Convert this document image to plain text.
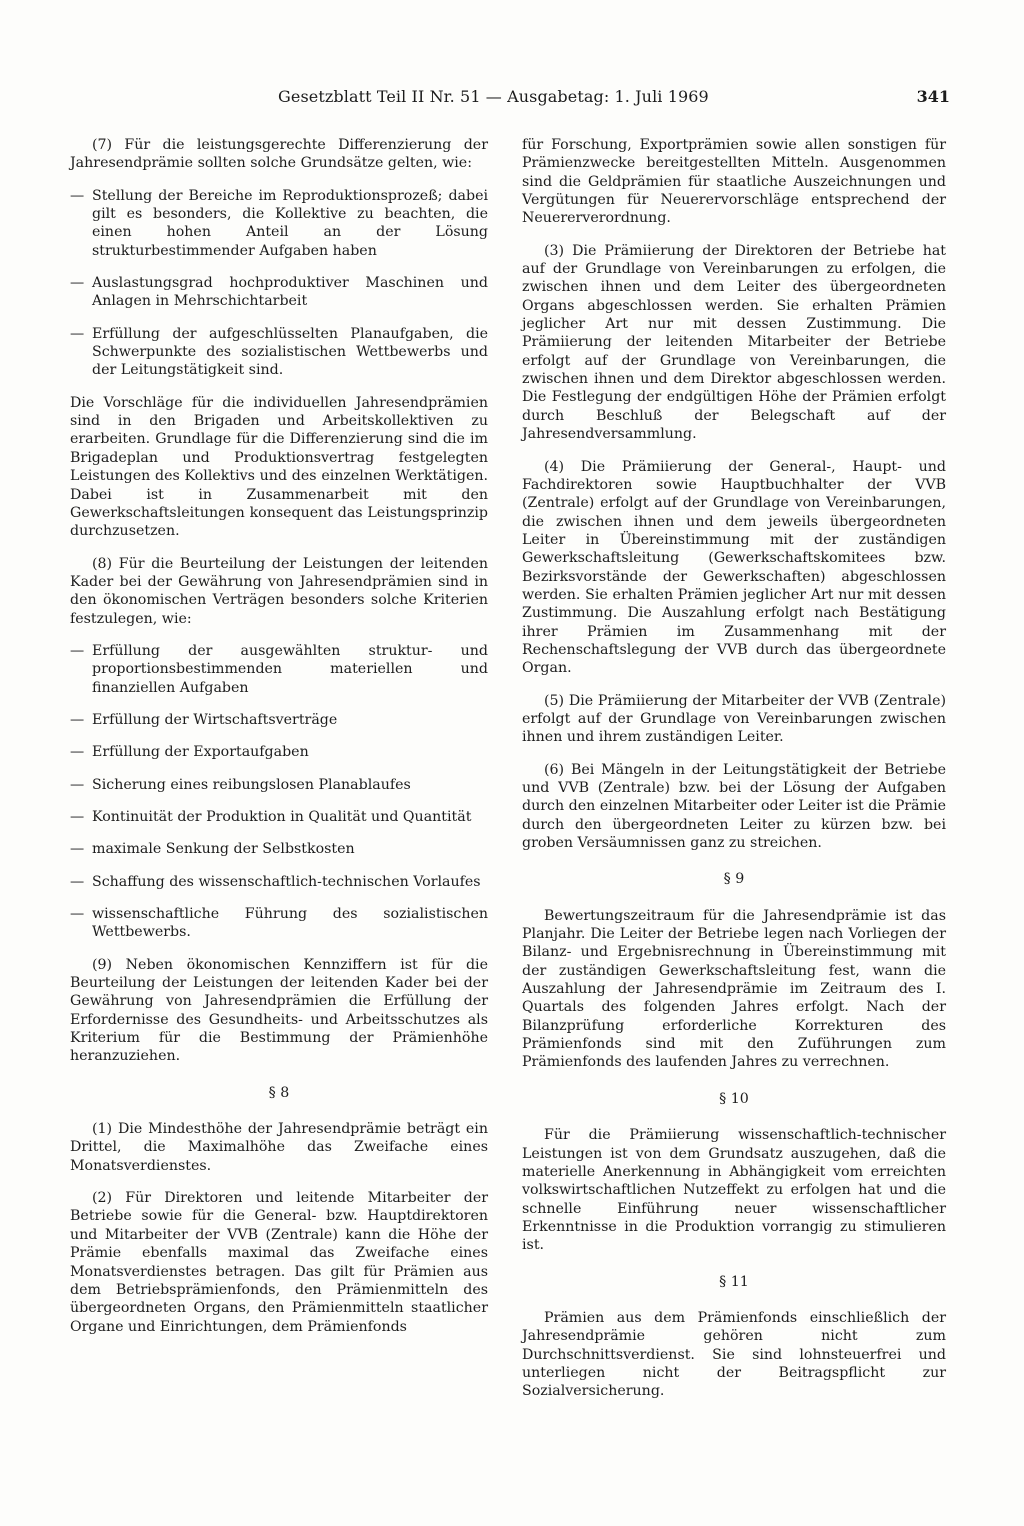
Gesetzblatt Teil II Nr. 51 — Ausgabetag: 1. Juli 1969	341

(7) Für die leistungsgerechte Differenzierung der Jahresendprämie sollten solche Grundsätze gelten, wie:

— Stellung der Bereiche im Reproduktionsprozeß; dabei gilt es besonders, die Kollektive zu beachten, die einen hohen Anteil an der Lösung strukturbestimmender Aufgaben haben
— Auslastungsgrad hochproduktiver Maschinen und Anlagen in Mehrschichtarbeit
— Erfüllung der aufgeschlüsselten Planaufgaben, die Schwerpunkte des sozialistischen Wettbewerbs und der Leitungstätigkeit sind.

Die Vorschläge für die individuellen Jahresendprämien sind in den Brigaden und Arbeitskollektiven zu erarbeiten. Grundlage für die Differenzierung sind die im Brigadeplan und Produktionsvertrag festgelegten Leistungen des Kollektivs und des einzelnen Werktätigen. Dabei ist in Zusammenarbeit mit den Gewerkschaftsleitungen konsequent das Leistungsprinzip durchzusetzen.

(8) Für die Beurteilung der Leistungen der leitenden Kader bei der Gewährung von Jahresendprämien sind in den ökonomischen Verträgen besonders solche Kriterien festzulegen, wie:

— Erfüllung der ausgewählten struktur- und proportionsbestimmenden materiellen und finanziellen Aufgaben
— Erfüllung der Wirtschaftsverträge
— Erfüllung der Exportaufgaben
— Sicherung eines reibungslosen Planablaufes
— Kontinuität der Produktion in Qualität und Quantität
— maximale Senkung der Selbstkosten
— Schaffung des wissenschaftlich-technischen Vorlaufes
— wissenschaftliche Führung des sozialistischen Wettbewerbs.

(9) Neben ökonomischen Kennziffern ist für die Beurteilung der Leistungen der leitenden Kader bei der Gewährung von Jahresendprämien die Erfüllung der Erfordernisse des Gesundheits- und Arbeitsschutzes als Kriterium für die Bestimmung der Prämienhöhe heranzuziehen.

§ 8

(1) Die Mindesthöhe der Jahresendprämie beträgt ein Drittel, die Maximalhöhe das Zweifache eines Monatsverdienstes.

(2) Für Direktoren und leitende Mitarbeiter der Betriebe sowie für die General- bzw. Hauptdirektoren und Mitarbeiter der VVB (Zentrale) kann die Höhe der Prämie ebenfalls maximal das Zweifache eines Monatsverdienstes betragen. Das gilt für Prämien aus dem Betriebsprämienfonds, den Prämienmitteln des übergeordneten Organs, den Prämienmitteln staatlicher Organe und Einrichtungen, dem Prämienfonds

für Forschung, Exportprämien sowie allen sonstigen für Prämienzwecke bereitgestellten Mitteln. Ausgenommen sind die Geldprämien für staatliche Auszeichnungen und Vergütungen für Neuerervorschläge entsprechend der Neuererverordnung.

(3) Die Prämiierung der Direktoren der Betriebe hat auf der Grundlage von Vereinbarungen zu erfolgen, die zwischen ihnen und dem Leiter des übergeordneten Organs abgeschlossen werden. Sie erhalten Prämien jeglicher Art nur mit dessen Zustimmung. Die Prämiierung der leitenden Mitarbeiter der Betriebe erfolgt auf der Grundlage von Vereinbarungen, die zwischen ihnen und dem Direktor abgeschlossen werden. Die Festlegung der endgültigen Höhe der Prämien erfolgt durch Beschluß der Belegschaft auf der Jahresendversammlung.

(4) Die Prämiierung der General-, Haupt- und Fachdirektoren sowie Hauptbuchhalter der VVB (Zentrale) erfolgt auf der Grundlage von Vereinbarungen, die zwischen ihnen und dem jeweils übergeordneten Leiter in Übereinstimmung mit der zuständigen Gewerkschaftsleitung (Gewerkschaftskomitees bzw. Bezirksvorstände der Gewerkschaften) abgeschlossen werden. Sie erhalten Prämien jeglicher Art nur mit dessen Zustimmung. Die Auszahlung erfolgt nach Bestätigung ihrer Prämien im Zusammenhang mit der Rechenschaftslegung der VVB durch das übergeordnete Organ.

(5) Die Prämiierung der Mitarbeiter der VVB (Zentrale) erfolgt auf der Grundlage von Vereinbarungen zwischen ihnen und ihrem zuständigen Leiter.

(6) Bei Mängeln in der Leitungstätigkeit der Betriebe und VVB (Zentrale) bzw. bei der Lösung der Aufgaben durch den einzelnen Mitarbeiter oder Leiter ist die Prämie durch den übergeordneten Leiter zu kürzen bzw. bei groben Versäumnissen ganz zu streichen.

§ 9

Bewertungszeitraum für die Jahresendprämie ist das Planjahr. Die Leiter der Betriebe legen nach Vorliegen der Bilanz- und Ergebnisrechnung in Übereinstimmung mit der zuständigen Gewerkschaftsleitung fest, wann die Auszahlung der Jahresendprämie im Zeitraum des I. Quartals des folgenden Jahres erfolgt. Nach der Bilanzprüfung erforderliche Korrekturen des Prämienfonds sind mit den Zuführungen zum Prämienfonds des laufenden Jahres zu verrechnen.

§ 10

Für die Prämiierung wissenschaftlich-technischer Leistungen ist von dem Grundsatz auszugehen, daß die materielle Anerkennung in Abhängigkeit vom erreichten volkswirtschaftlichen Nutzeffekt zu erfolgen hat und die schnelle Einführung neuer wissenschaftlicher Erkenntnisse in die Produktion vorrangig zu stimulieren ist.

§ 11

Prämien aus dem Prämienfonds einschließlich der Jahresendprämie gehören nicht zum Durchschnittsverdienst. Sie sind lohnsteuerfrei und unterliegen nicht der Beitragspflicht zur Sozialversicherung.
